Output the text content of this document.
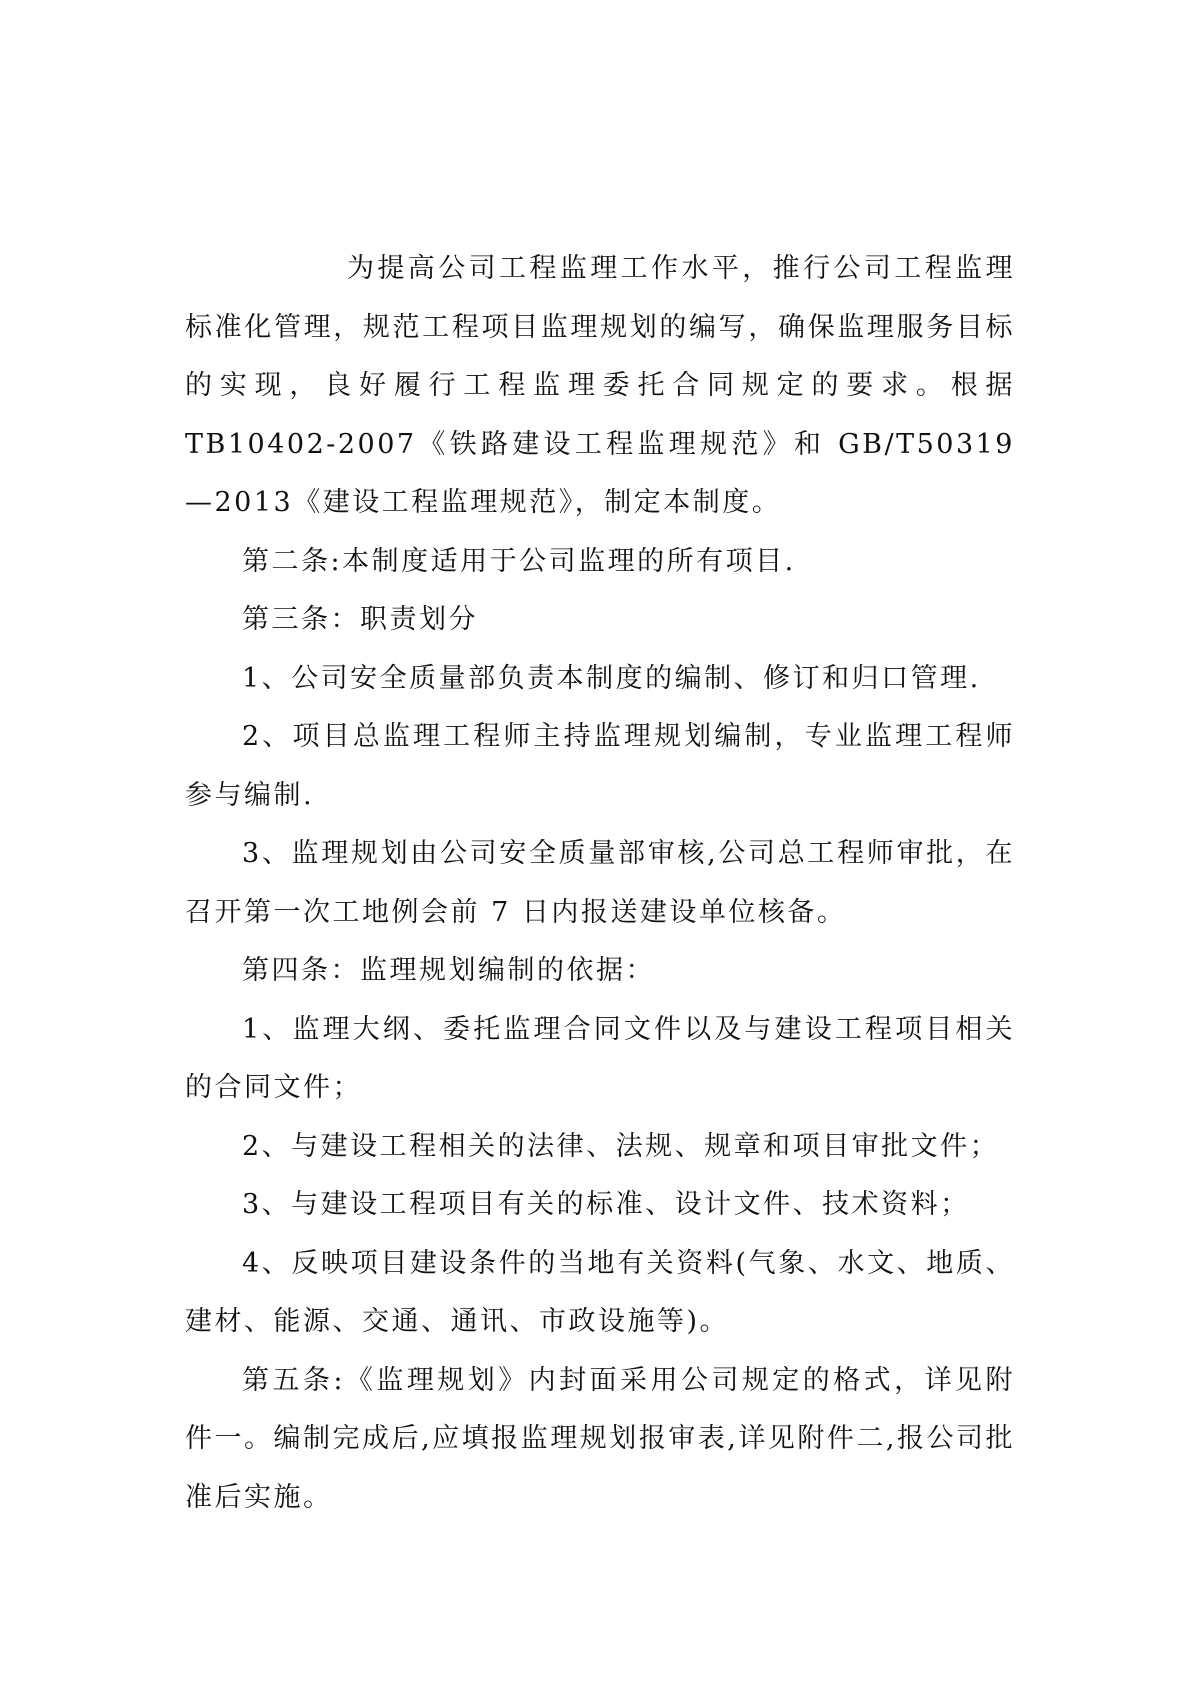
为提高公司工程监理工作水平，推行公司工程监理标准化管理，规范工程项目监理规划的编写，确保监理服务目标的实现，良好履行工程监理委托合同规定的要求。根据 TB10402-2007《铁路建设工程监理规范》和 GB/T50319—2013《建设工程监理规范》，制定本制度。

第二条:本制度适用于公司监理的所有项目.

第三条：职责划分

1、公司安全质量部负责本制度的编制、修订和归口管理.

2、项目总监理工程师主持监理规划编制，专业监理工程师参与编制.

3、监理规划由公司安全质量部审核,公司总工程师审批，在召开第一次工地例会前 7 日内报送建设单位核备。

第四条：监理规划编制的依据：

1、监理大纲、委托监理合同文件以及与建设工程项目相关的合同文件；

2、与建设工程相关的法律、法规、规章和项目审批文件；

3、与建设工程项目有关的标准、设计文件、技术资料；

4、反映项目建设条件的当地有关资料(气象、水文、地质、建材、能源、交通、通讯、市政设施等)。

第五条:《监理规划》内封面采用公司规定的格式，详见附件一。编制完成后,应填报监理规划报审表,详见附件二,报公司批准后实施。
